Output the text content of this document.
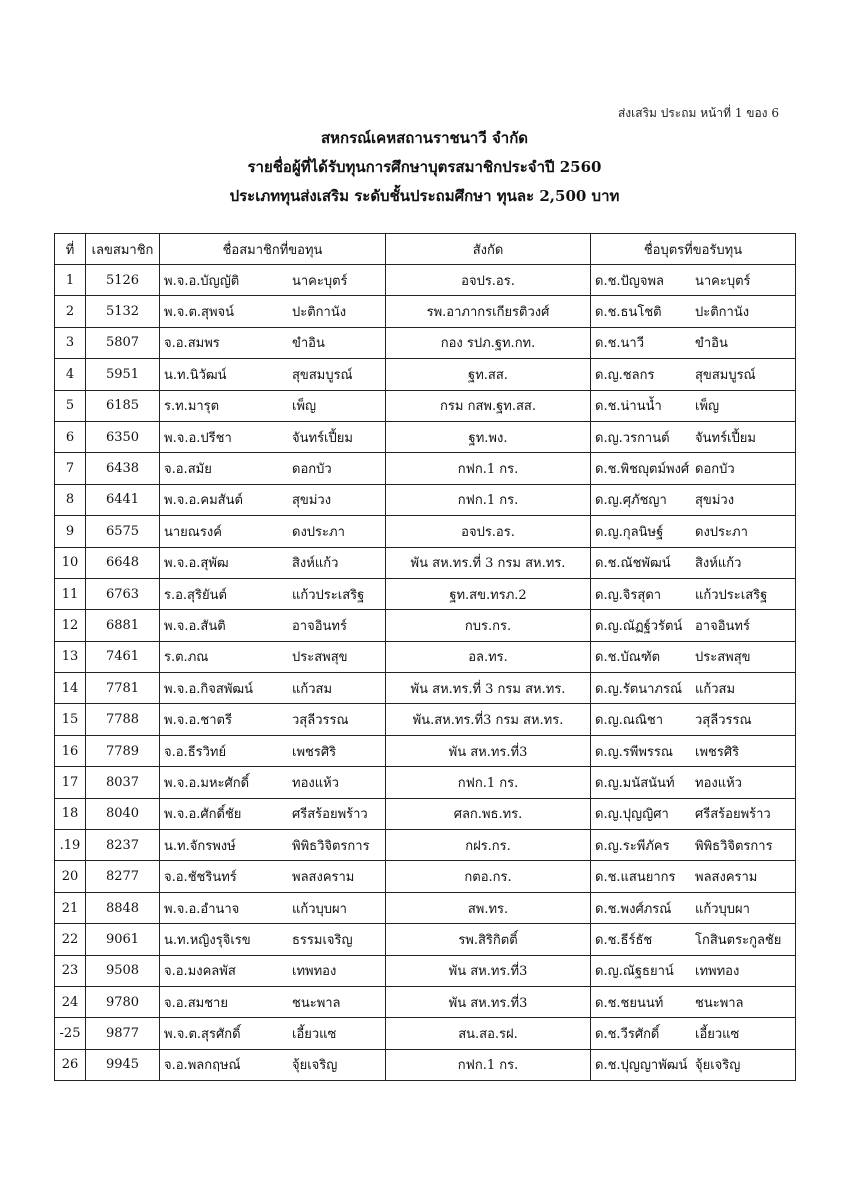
ส่งเสริม ประถม หน้าที่ 1 ของ 6
สหกรณ์เคหสถานราชนาวี จำกัด
รายชื่อผู้ที่ได้รับทุนการศึกษาบุตรสมาชิกประจำปี 2560
ประเภททุนส่งเสริม ระดับชั้นประถมศึกษา ทุนละ 2,500 บาท
ที่	เลขสมาชิก	ชื่อสมาชิกที่ขอทุน	สังกัด	ชื่อบุตรที่ขอรับทุน
1	5126	พ.จ.อ.บัญญัติ นาคะบุตร์	อจปร.อร.	ด.ช.ปัญจพล นาคะบุตร์
2	5132	พ.จ.ต.สุพจน์ ปะติกานัง	รพ.อาภากรเกียรติวงศ์	ด.ช.ธนโชติ ปะติกานัง
3	5807	จ.อ.สมพร ขำอิน	กอง รปภ.ฐท.กท.	ด.ช.นาวี ขำอิน
4	5951	น.ท.นิวัฒน์ สุขสมบูรณ์	ฐท.สส.	ด.ญ.ชลกร สุขสมบูรณ์
5	6185	ร.ท.มารุต เพ็ญ	กรม กสพ.ฐท.สส.	ด.ช.น่านน้ำ เพ็ญ
6	6350	พ.จ.อ.ปรีชา จันทร์เปี้ยม	ฐท.พง.	ด.ญ.วรกานต์ จันทร์เปี้ยม
7	6438	จ.อ.สมัย ดอกบัว	กฟก.1 กร.	ด.ช.พิชญุตม์พงศ์ ดอกบัว
8	6441	พ.จ.อ.คมสันต์ สุขม่วง	กฟก.1 กร.	ด.ญ.ศุภัชญา สุขม่วง
9	6575	นายณรงค์ ดงประภา	อจปร.อร.	ด.ญ.กุลนิษฐ์ ดงประภา
10	6648	พ.จ.อ.สุพัฒ สิงห์แก้ว	พัน สห.ทร.ที่ 3 กรม สห.ทร.	ด.ช.ณัชพัฒน์ สิงห์แก้ว
11	6763	ร.อ.สุริยันต์ แก้วประเสริฐ	ฐท.สข.ทรภ.2	ด.ญ.จิรสุดา แก้วประเสริฐ
12	6881	พ.จ.อ.สันติ อาจอินทร์	กบร.กร.	ด.ญ.ณัฏฐ์วรัตน์ อาจอินทร์
13	7461	ร.ต.ภณ ประสพสุข	อล.ทร.	ด.ช.บัณฑัต ประสพสุข
14	7781	พ.จ.อ.กิจสพัฒน์ แก้วสม	พัน สห.ทร.ที่ 3 กรม สห.ทร.	ด.ญ.รัตนาภรณ์ แก้วสม
15	7788	พ.จ.อ.ชาตรี วสุลีวรรณ	พัน.สห.ทร.ที่3 กรม สห.ทร.	ด.ญ.ณณิชา วสุลีวรรณ
16	7789	จ.อ.ธีรวิทย์ เพชรศิริ	พัน สห.ทร.ที่3	ด.ญ.รพีพรรณ เพชรศิริ
17	8037	พ.จ.อ.มหะศักดิ์ ทองแห้ว	กฟก.1 กร.	ด.ญ.มนัสนันท์ ทองแห้ว
18	8040	พ.จ.อ.ศักดิ์ชัย ศรีสร้อยพร้าว	ศลก.พธ.ทร.	ด.ญ.ปุญญิศา ศรีสร้อยพร้าว
.19	8237	น.ท.จักรพงษ์ พิพิธวิจิตรการ	กฝร.กร.	ด.ญ.ระพีภัคร พิพิธวิจิตรการ
20	8277	จ.อ.ชัชรินทร์ พลสงคราม	กตอ.กร.	ด.ช.แสนยากร พลสงคราม
21	8848	พ.จ.อ.อำนาจ แก้วบุบผา	สพ.ทร.	ด.ช.พงศ์ภรณ์ แก้วบุบผา
22	9061	น.ท.หญิงรุจิเรข ธรรมเจริญ	รพ.สิริกิตติ์	ด.ช.ธีร์ธัช โกสินตระกูลชัย
23	9508	จ.อ.มงคลพัส เทพทอง	พัน สห.ทร.ที่3	ด.ญ.ณัฐธยาน์ เทพทอง
24	9780	จ.อ.สมชาย ชนะพาล	พัน สห.ทร.ที่3	ด.ช.ชยนนท์ ชนะพาล
-25	9877	พ.จ.ต.สุรศักดิ์ เอี้ยวแซ	สน.สอ.รฝ.	ด.ช.วีรศักดิ์ เอี้ยวแซ
26	9945	จ.อ.พลกฤษณ์ จุ้ยเจริญ	กฟก.1 กร.	ด.ช.ปุญญาพัฒน์ จุ้ยเจริญ
